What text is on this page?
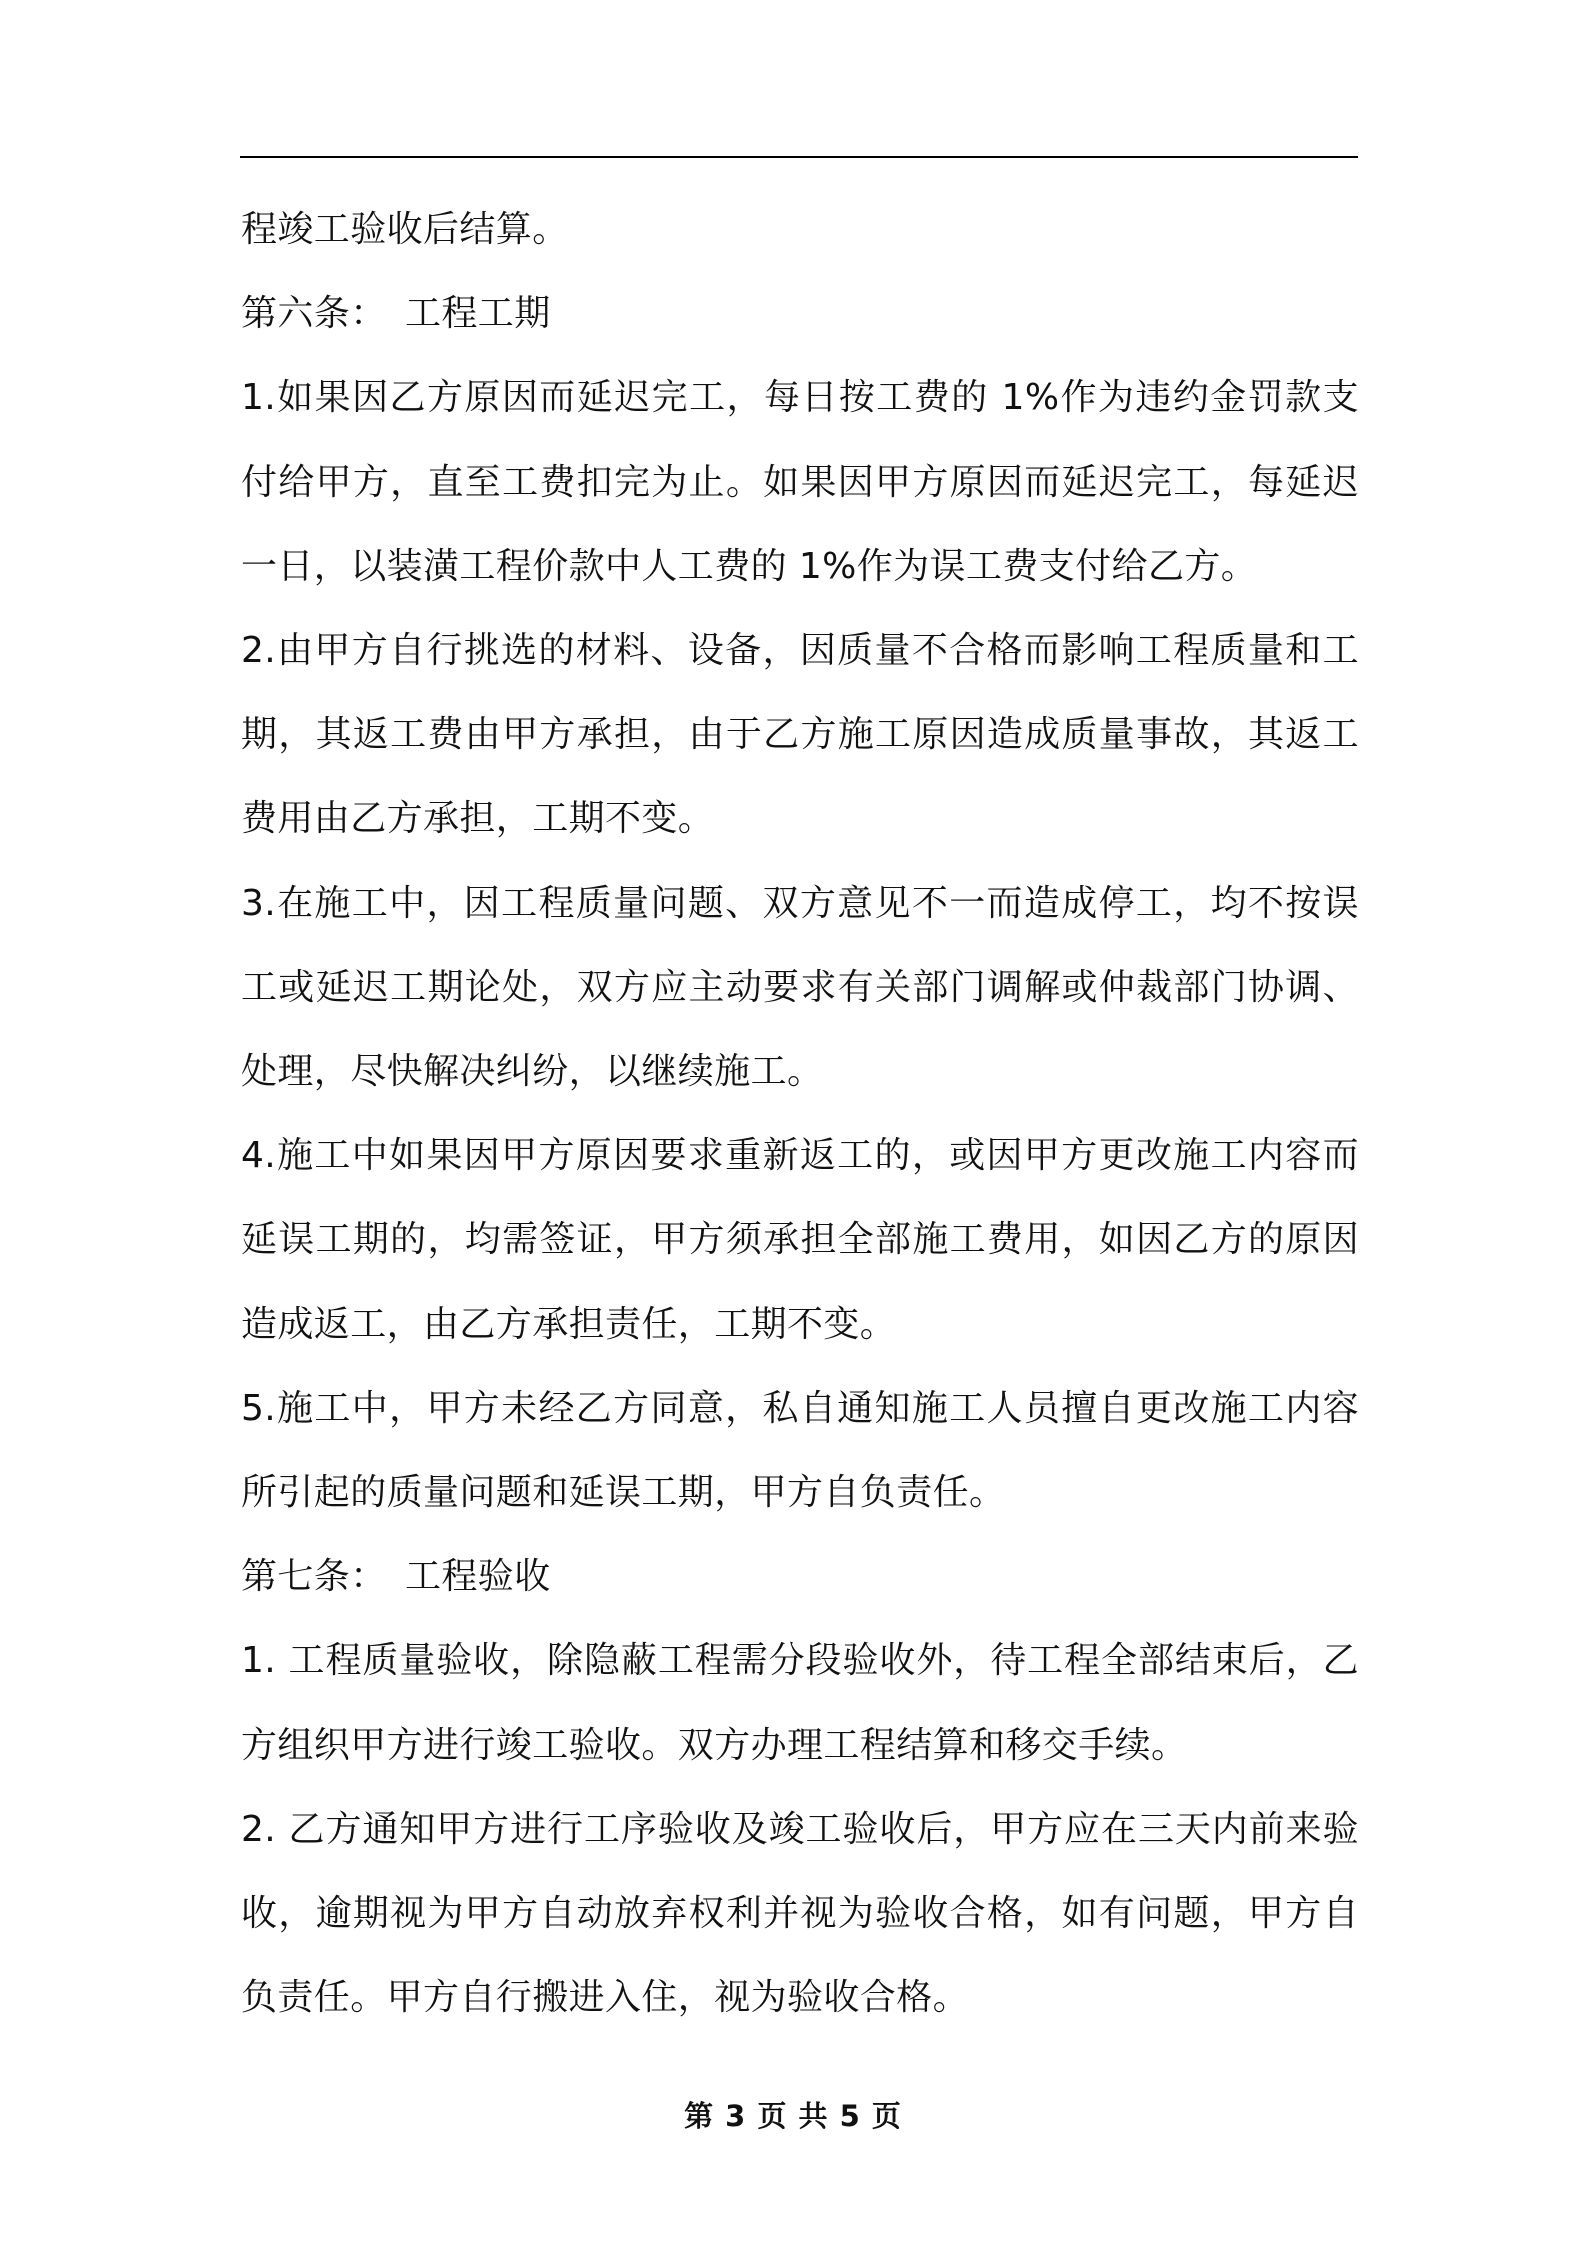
程竣工验收后结算。

第六条：　工程工期

1.如果因乙方原因而延迟完工，每日按工费的 1%作为违约金罚款支付给甲方，直至工费扣完为止。如果因甲方原因而延迟完工，每延迟一日，以装潢工程价款中人工费的 1%作为误工费支付给乙方。

2.由甲方自行挑选的材料、设备，因质量不合格而影响工程质量和工期，其返工费由甲方承担，由于乙方施工原因造成质量事故，其返工费用由乙方承担，工期不变。

3.在施工中，因工程质量问题、双方意见不一而造成停工，均不按误工或延迟工期论处，双方应主动要求有关部门调解或仲裁部门协调、处理，尽快解决纠纷，以继续施工。

4.施工中如果因甲方原因要求重新返工的，或因甲方更改施工内容而延误工期的，均需签证，甲方须承担全部施工费用，如因乙方的原因造成返工，由乙方承担责任，工期不变。

5.施工中，甲方未经乙方同意，私自通知施工人员擅自更改施工内容所引起的质量问题和延误工期，甲方自负责任。

第七条：　工程验收

1. 工程质量验收，除隐蔽工程需分段验收外，待工程全部结束后，乙方组织甲方进行竣工验收。双方办理工程结算和移交手续。

2. 乙方通知甲方进行工序验收及竣工验收后，甲方应在三天内前来验收，逾期视为甲方自动放弃权利并视为验收合格，如有问题，甲方自负责任。甲方自行搬进入住，视为验收合格。

第 3 页 共 5 页
